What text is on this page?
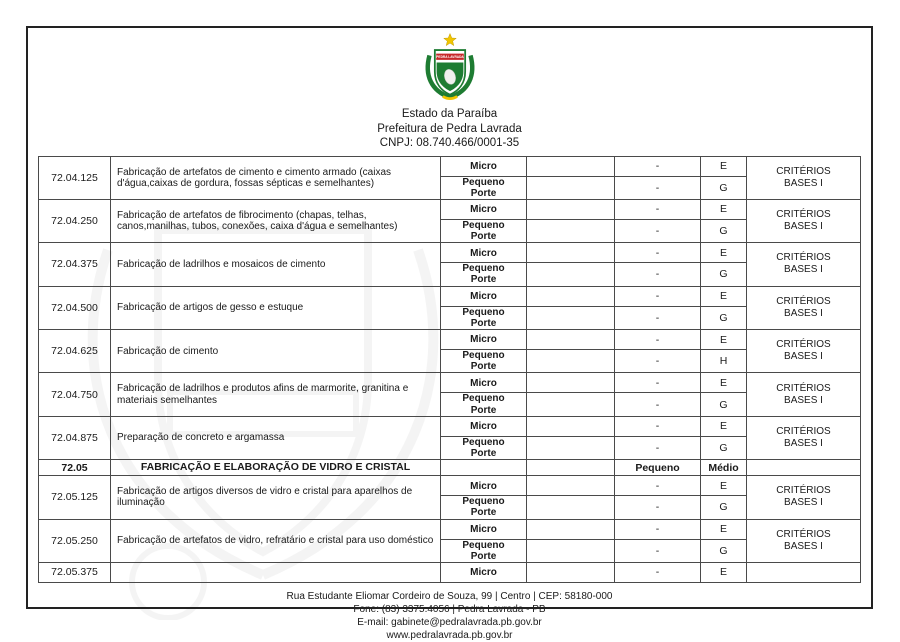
PEDRA LAVRADA
Estado da Paraíba
Prefeitura de Pedra Lavrada
CNPJ: 08.740.466/0001-35
72.04.125	Fabricação de artefatos de cimento e cimento armado (caixas d'água,caixas de gordura, fossas sépticas e semelhantes)	Micro		-	E	CRITÉRIOS BASES I
		Pequeno Porte		-	G	
72.04.250	Fabricação de artefatos de fibrocimento (chapas, telhas, canos,manilhas, tubos, conexões, caixa d'água e semelhantes)	Micro		-	E	CRITÉRIOS BASES I
		Pequeno Porte		-	G	
72.04.375	Fabricação de ladrilhos e mosaicos de cimento	Micro		-	E	CRITÉRIOS BASES I
		Pequeno Porte		-	G	
72.04.500	Fabricação de artigos de gesso e estuque	Micro		-	E	CRITÉRIOS BASES I
		Pequeno Porte		-	G	
72.04.625	Fabricação de cimento	Micro		-	E	CRITÉRIOS BASES I
		Pequeno Porte		-	H	
72.04.750	Fabricação de ladrilhos e produtos afins de marmorite, granitina e materiais semelhantes	Micro		-	E	CRITÉRIOS BASES I
		Pequeno Porte		-	G	
72.04.875	Preparação de concreto e argamassa	Micro		-	E	CRITÉRIOS BASES I
		Pequeno Porte		-	G	
72.05	FABRICAÇÃO E ELABORAÇÃO DE VIDRO E CRISTAL			Pequeno	Médio	
72.05.125	Fabricação de artigos diversos de vidro e cristal para aparelhos de iluminação	Micro		-	E	CRITÉRIOS BASES I
		Pequeno Porte		-	G	
72.05.250	Fabricação de artefatos de vidro, refratário e cristal para uso doméstico	Micro		-	E	CRITÉRIOS BASES I
		Pequeno Porte		-	G	
72.05.375		Micro		-	E	
Rua Estudante Eliomar Cordeiro de Souza, 99 | Centro | CEP: 58180-000
Fone: (83) 3375.4056 | Pedra Lavrada - PB
E-mail: gabinete@pedralavrada.pb.gov.br
www.pedralavrada.pb.gov.br
